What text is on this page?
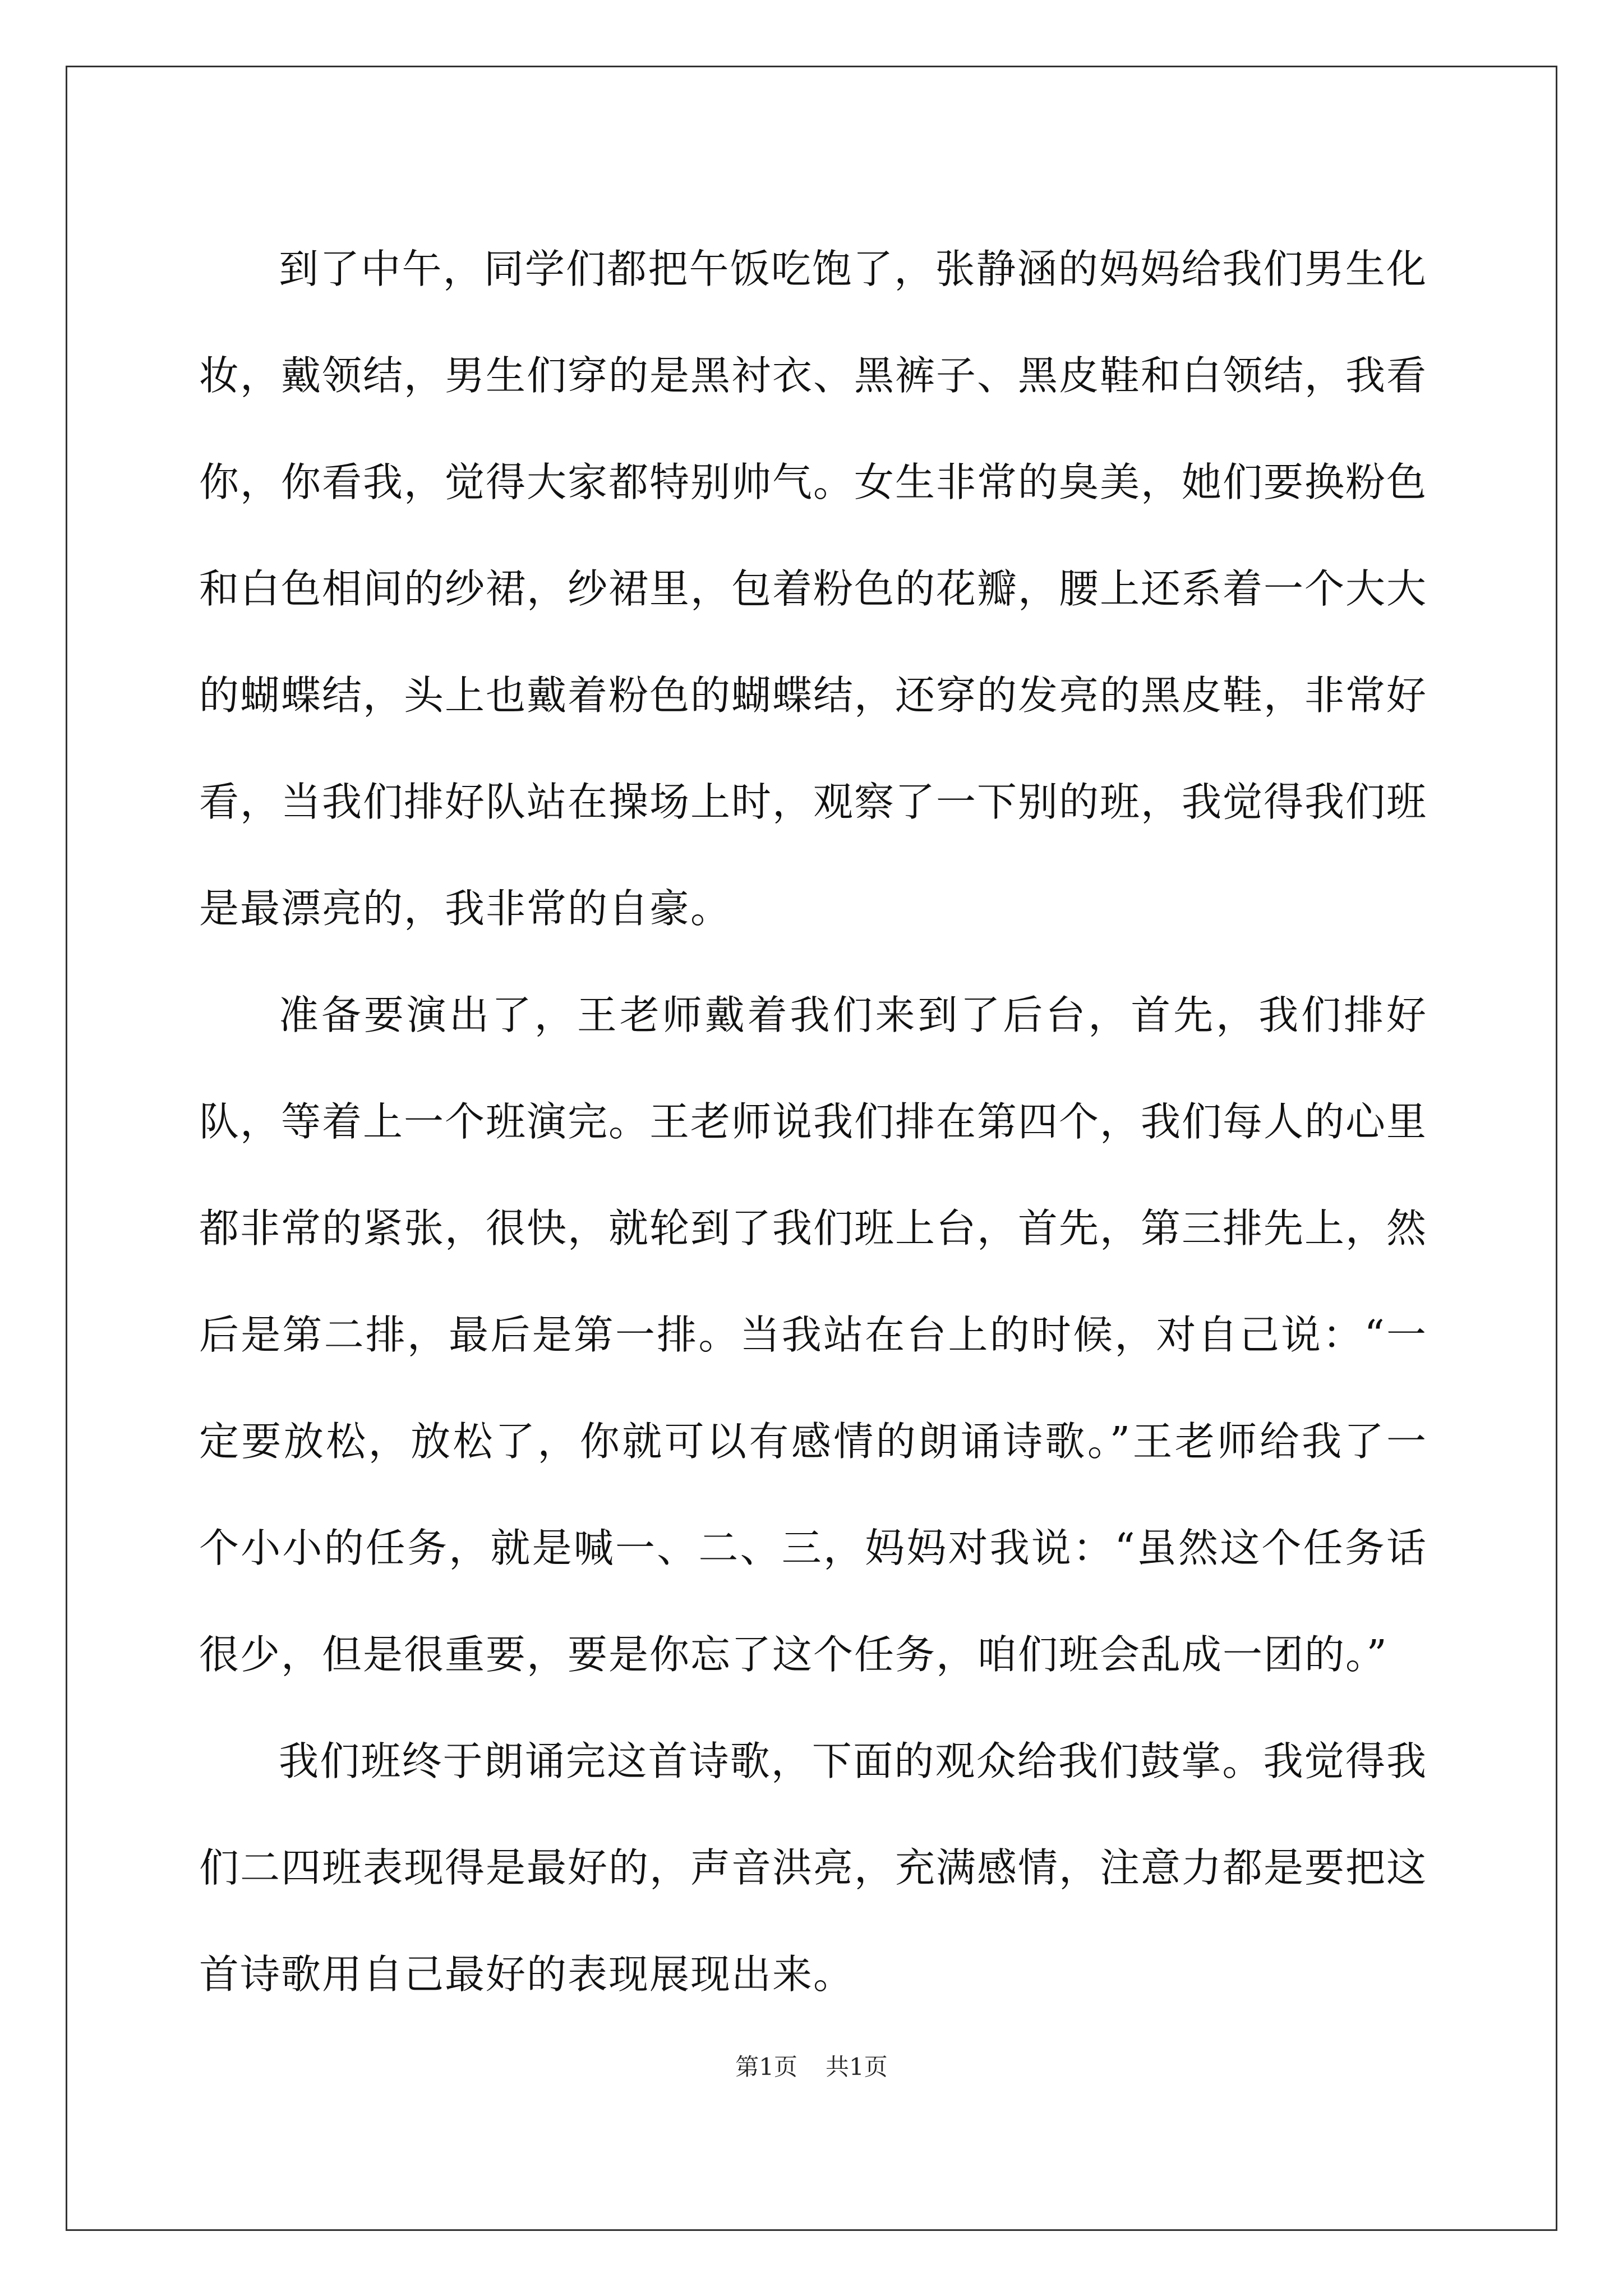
到了中午，同学们都把午饭吃饱了，张静涵的妈妈给我们男生化妆，戴领结，男生们穿的是黑衬衣、黑裤子、黑皮鞋和白领结，我看你，你看我，觉得大家都特别帅气。女生非常的臭美，她们要换粉色和白色相间的纱裙，纱裙里，包着粉色的花瓣，腰上还系着一个大大的蝴蝶结，头上也戴着粉色的蝴蝶结，还穿的发亮的黑皮鞋，非常好看，当我们排好队站在操场上时，观察了一下别的班，我觉得我们班是最漂亮的，我非常的自豪。

准备要演出了，王老师戴着我们来到了后台，首先，我们排好队，等着上一个班演完。王老师说我们排在第四个，我们每人的心里都非常的紧张，很快，就轮到了我们班上台，首先，第三排先上，然后是第二排，最后是第一排。当我站在台上的时候，对自己说：“一定要放松，放松了，你就可以有感情的朗诵诗歌。”王老师给我了一个小小的任务，就是喊一、二、三，妈妈对我说：“虽然这个任务话很少，但是很重要，要是你忘了这个任务，咱们班会乱成一团的。”

我们班终于朗诵完这首诗歌，下面的观众给我们鼓掌。我觉得我们二四班表现得是最好的，声音洪亮，充满感情，注意力都是要把这首诗歌用自己最好的表现展现出来。

第1页 共1页
